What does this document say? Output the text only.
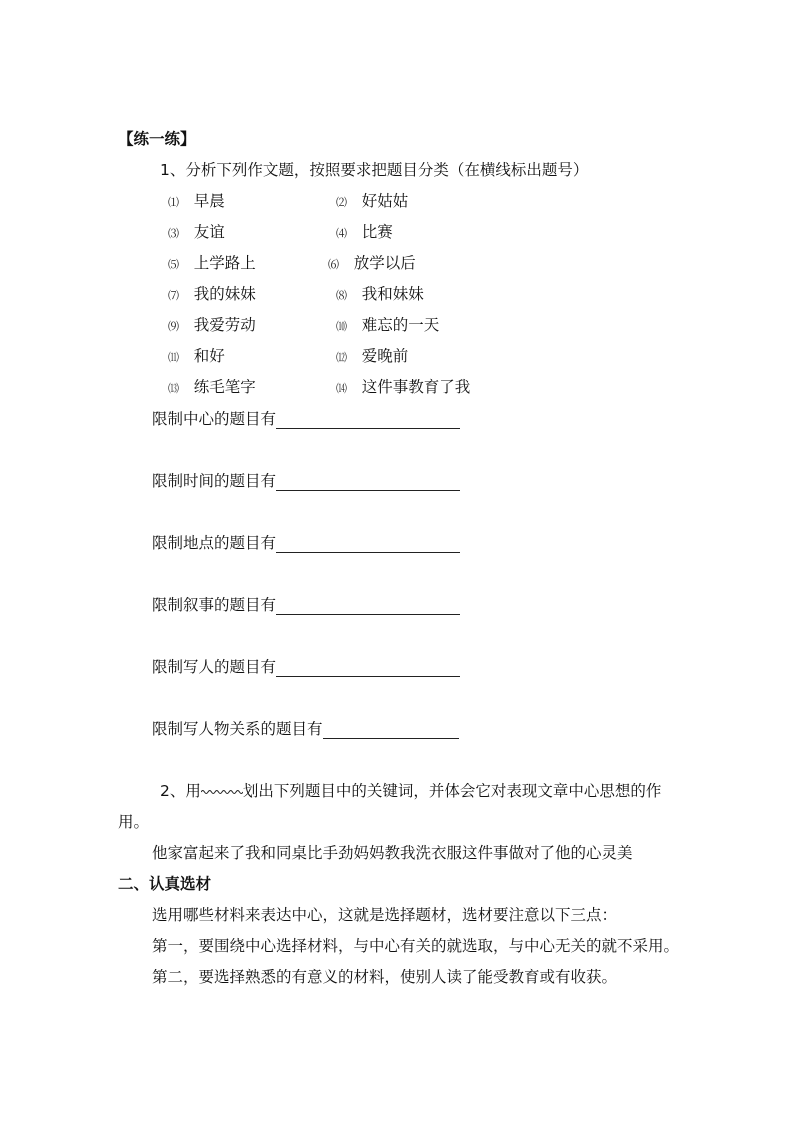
【练一练】
1、分析下列作文题，按照要求把题目分类（在横线标出题号）
⑴ 早晨
⑶ 友谊
⑸ 上学路上
⑺ 我的妹妹
⑼ 我爱劳动
⑾ 和好
⒀ 练毛笔字
⑵ 好姑姑
⑷ 比赛
⑹ 放学以后
⑻ 我和妹妹
⑽ 难忘的一天
⑿ 爱晚前
⒁ 这件事教育了我
限制中心的题目有
限制时间的题目有
限制地点的题目有
限制叙事的题目有
限制写人的题目有
限制写人物关系的题目有
2、用	划出下列题目中的关键词，并体会它对表现文章中心思想的作
用。
他家富起来了我和同桌比手劲妈妈教我洗衣服这件事做对了他的心灵美
二、认真选材
选用哪些材料来表达中心，这就是选择题材，选材要注意以下三点：
第一，要围绕中心选择材料，与中心有关的就选取，与中心无关的就不采用。
第二，要选择熟悉的有意义的材料，使别人读了能受教育或有收获。
